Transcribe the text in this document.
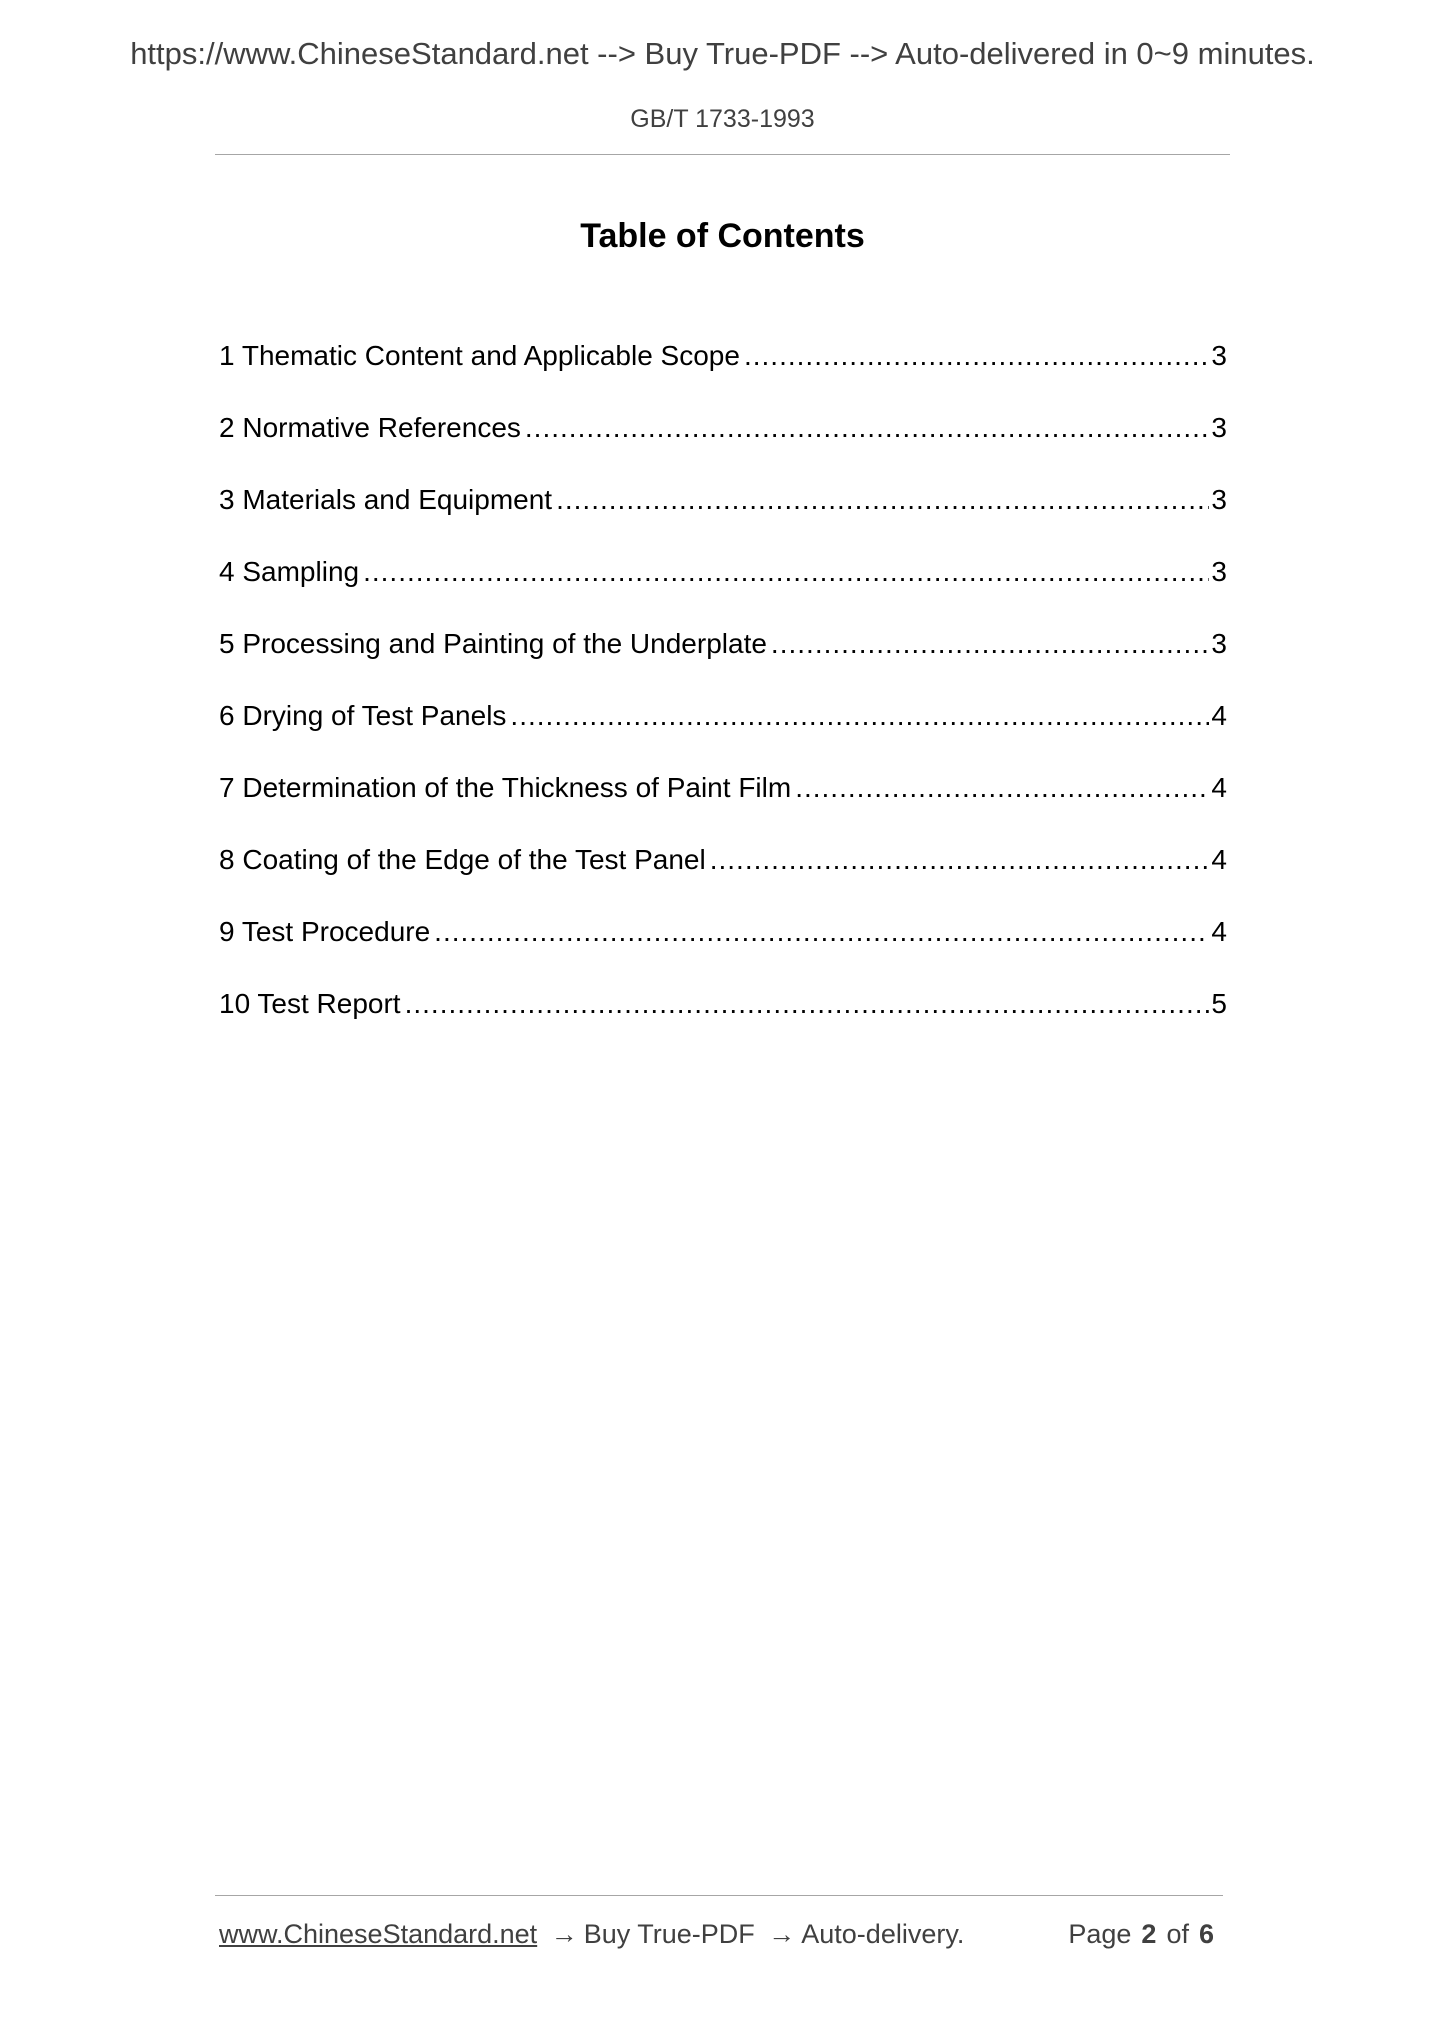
https://www.ChineseStandard.net --> Buy True-PDF --> Auto-delivered in 0~9 minutes.
GB/T 1733-1993
Table of Contents
1 Thematic Content and Applicable Scope .....	3
2 Normative References .....	3
3 Materials and Equipment .....	3
4 Sampling .....	3
5 Processing and Painting of the Underplate .....	3
6 Drying of Test Panels .....	4
7 Determination of the Thickness of Paint Film .....	4
8 Coating of the Edge of the Test Panel .....	4
9 Test Procedure .....	4
10 Test Report .....	5
www.ChineseStandard.net → Buy True-PDF → Auto-delivery.	Page 2 of 6
